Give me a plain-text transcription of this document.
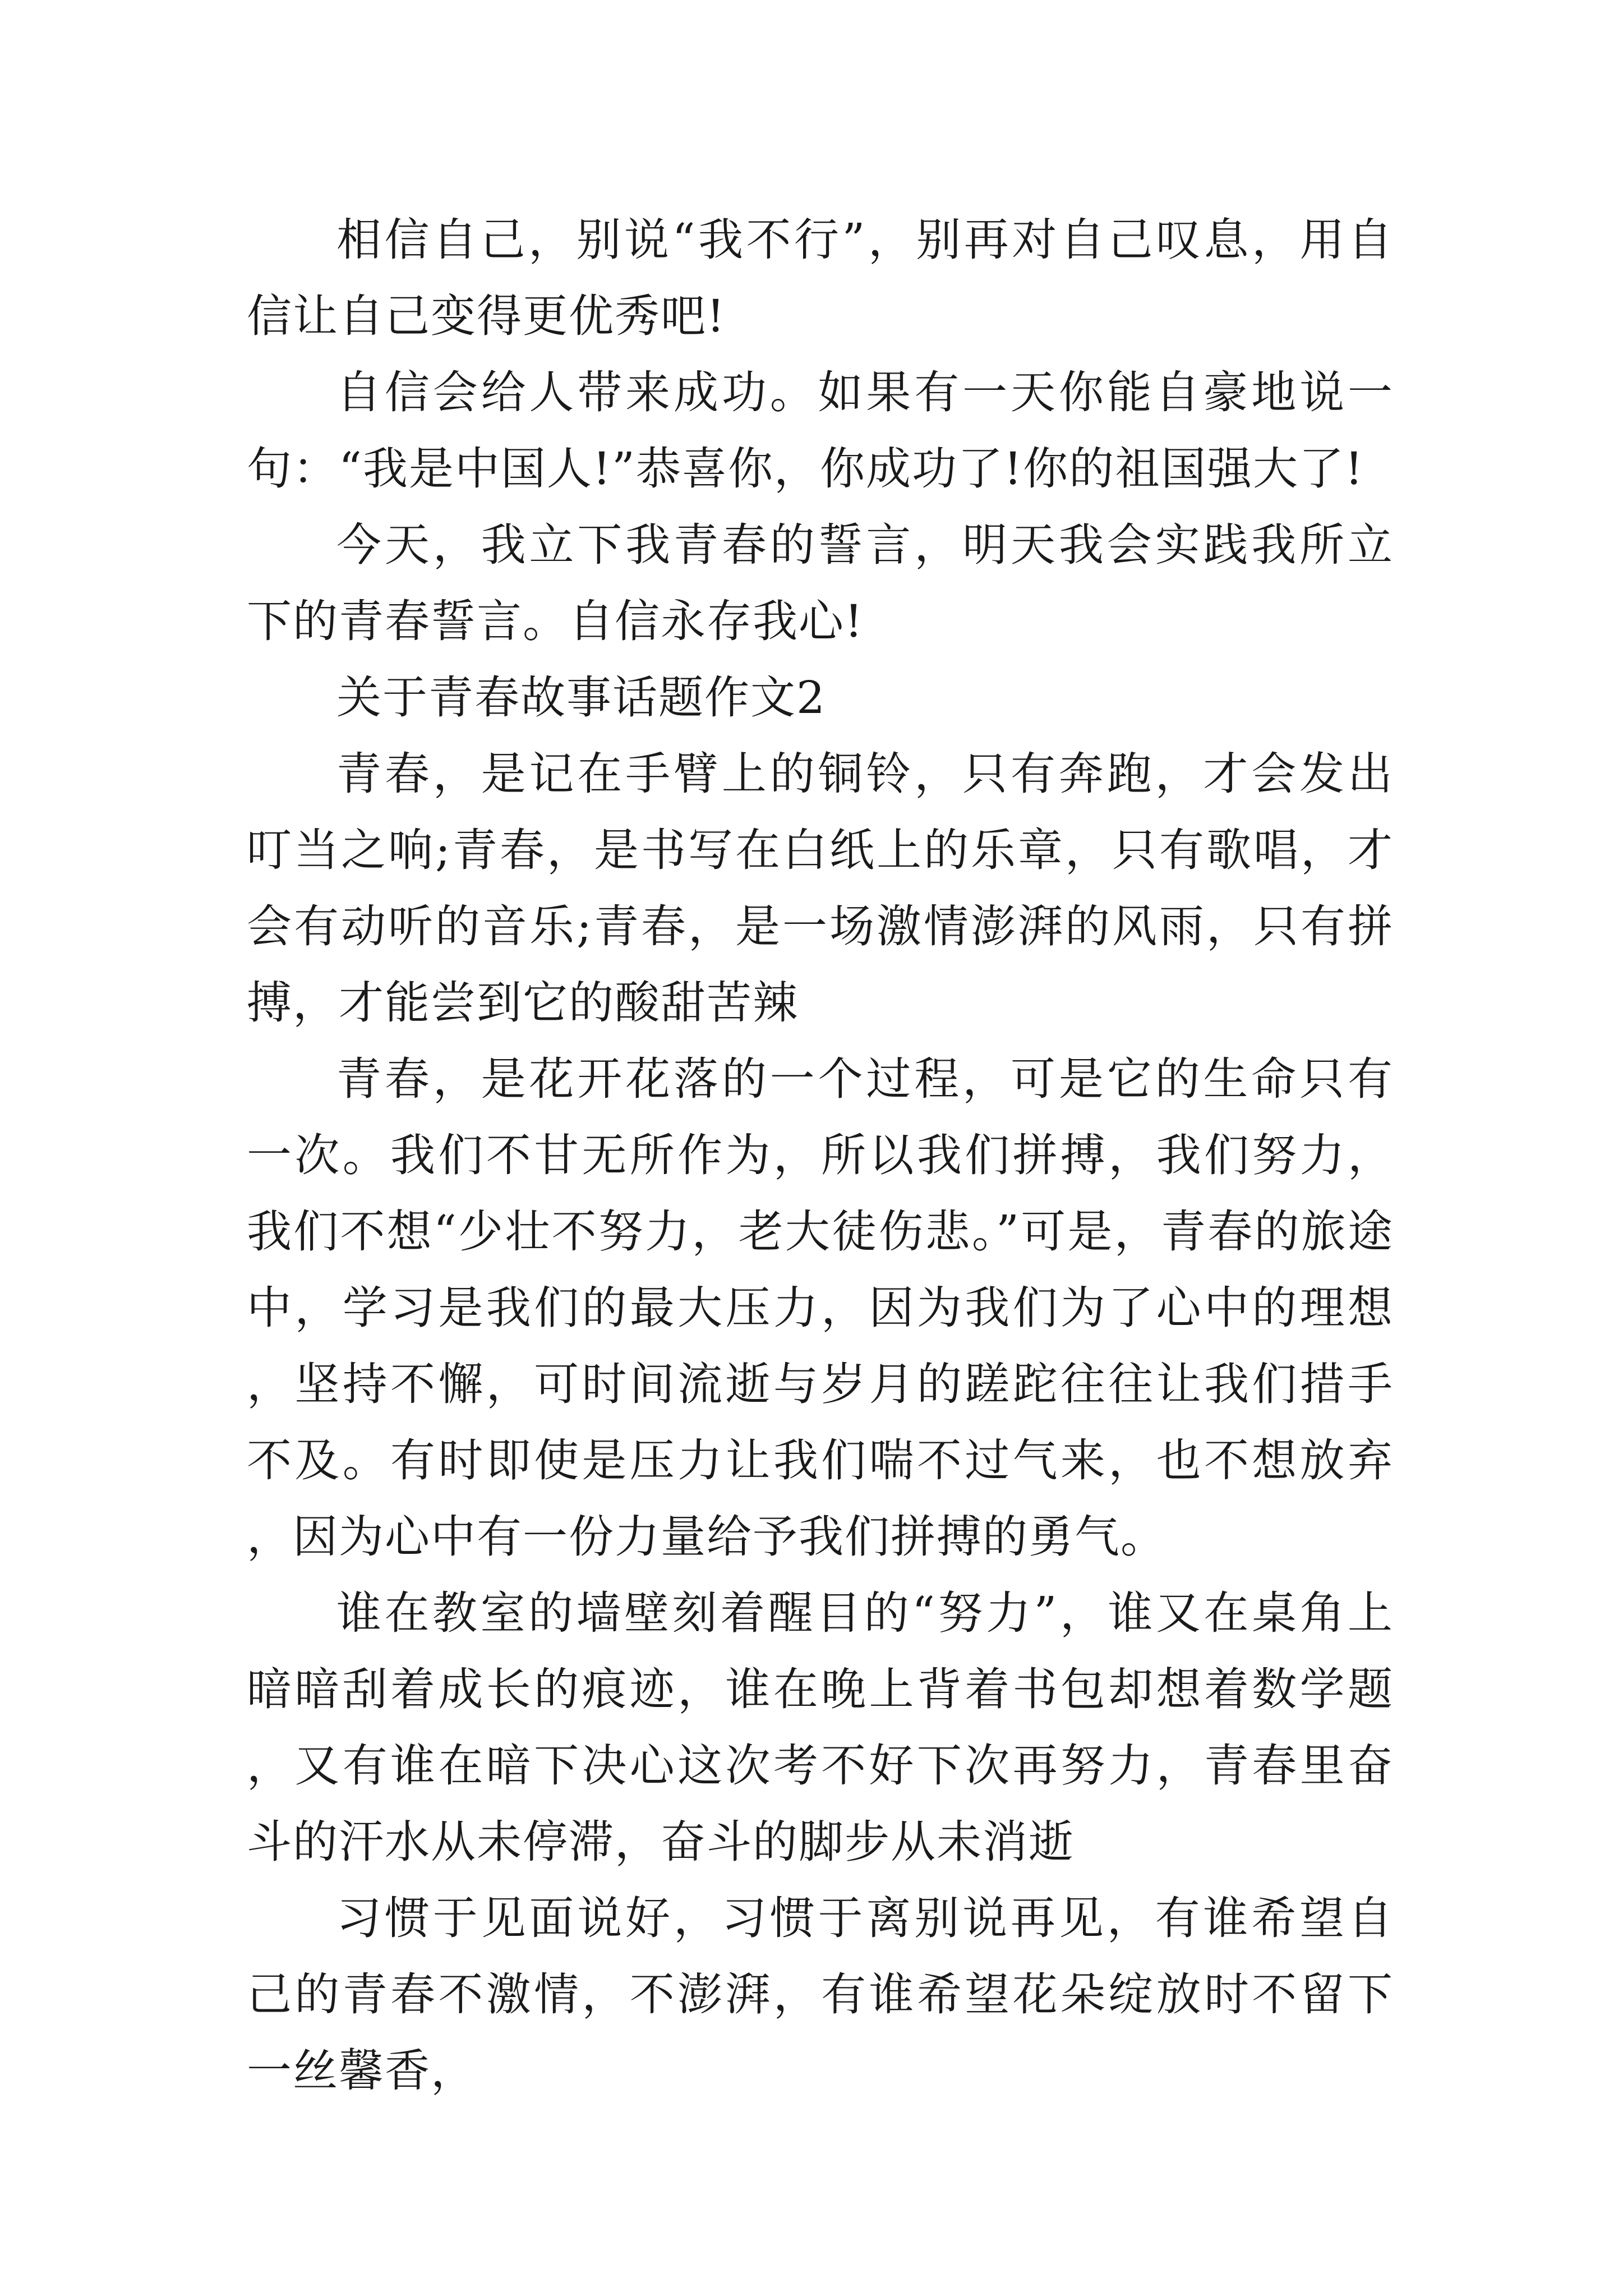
相信自己，别说“我不行”，别再对自己叹息，用自信让自己变得更优秀吧!

自信会给人带来成功。如果有一天你能自豪地说一句：“我是中国人!”恭喜你，你成功了!你的祖国强大了!

今天，我立下我青春的誓言，明天我会实践我所立下的青春誓言。自信永存我心!

关于青春故事话题作文2

青春，是记在手臂上的铜铃，只有奔跑，才会发出叮当之响;青春，是书写在白纸上的乐章，只有歌唱，才会有动听的音乐;青春，是一场激情澎湃的风雨，只有拼搏，才能尝到它的酸甜苦辣

青春，是花开花落的一个过程，可是它的生命只有一次。我们不甘无所作为，所以我们拼搏，我们努力，我们不想“少壮不努力，老大徒伤悲。”可是，青春的旅途中，学习是我们的最大压力，因为我们为了心中的理想，坚持不懈，可时间流逝与岁月的蹉跎往往让我们措手不及。有时即使是压力让我们喘不过气来，也不想放弃，因为心中有一份力量给予我们拼搏的勇气。

谁在教室的墙壁刻着醒目的“努力”，谁又在桌角上暗暗刮着成长的痕迹，谁在晚上背着书包却想着数学题，又有谁在暗下决心这次考不好下次再努力，青春里奋斗的汗水从未停滞，奋斗的脚步从未消逝

习惯于见面说好，习惯于离别说再见，有谁希望自己的青春不激情，不澎湃，有谁希望花朵绽放时不留下一丝馨香，
